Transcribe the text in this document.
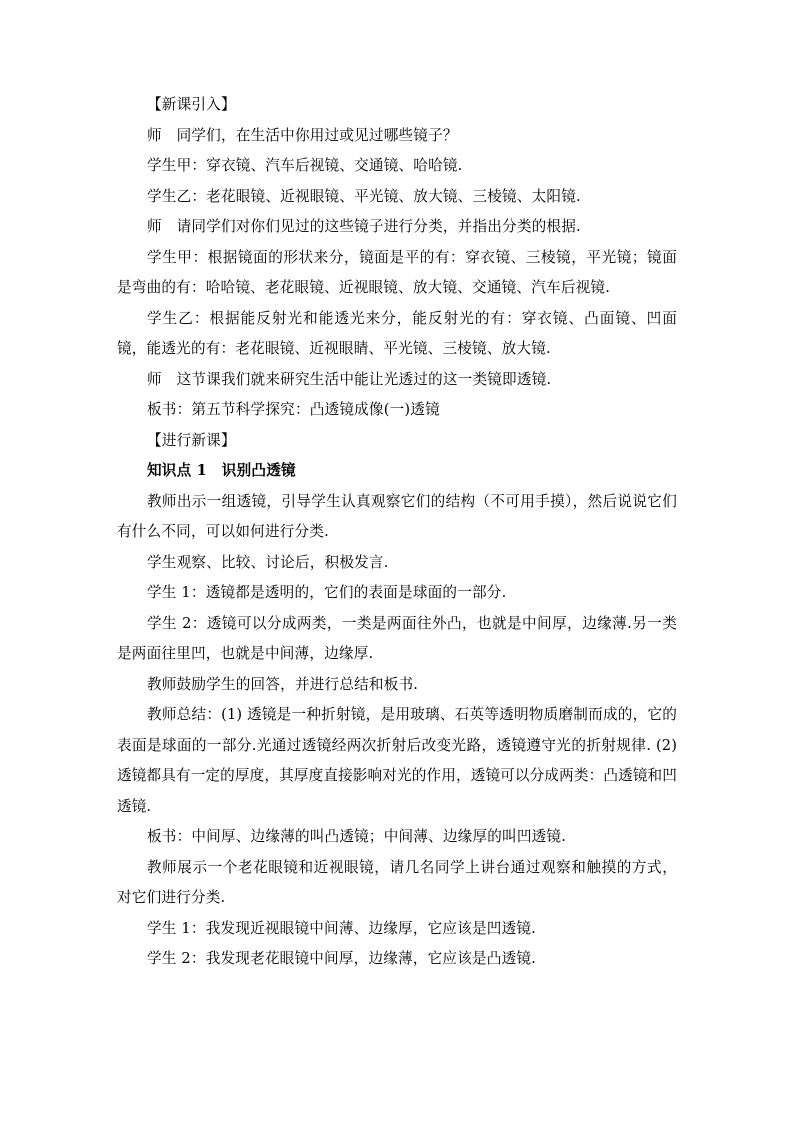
【新课引入】

师　同学们，在生活中你用过或见过哪些镜子？

学生甲：穿衣镜、汽车后视镜、交通镜、哈哈镜.

学生乙：老花眼镜、近视眼镜、平光镜、放大镜、三棱镜、太阳镜.

师　请同学们对你们见过的这些镜子进行分类，并指出分类的根据.

学生甲：根据镜面的形状来分，镜面是平的有：穿衣镜、三棱镜，平光镜；镜面是弯曲的有：哈哈镜、老花眼镜、近视眼镜、放大镜、交通镜、汽车后视镜.

学生乙：根据能反射光和能透光来分，能反射光的有：穿衣镜、凸面镜、凹面镜，能透光的有：老花眼镜、近视眼睛、平光镜、三棱镜、放大镜.

师　这节课我们就来研究生活中能让光透过的这一类镜即透镜.

板书：第五节科学探究：凸透镜成像(一)透镜

【进行新课】

知识点 1　识别凸透镜

教师出示一组透镜，引导学生认真观察它们的结构（不可用手摸），然后说说它们有什么不同，可以如何进行分类.

学生观察、比较、讨论后，积极发言.

学生 1：透镜都是透明的，它们的表面是球面的一部分.

学生 2：透镜可以分成两类，一类是两面往外凸，也就是中间厚，边缘薄.另一类是两面往里凹，也就是中间薄，边缘厚.

教师鼓励学生的回答，并进行总结和板书.

教师总结：(1) 透镜是一种折射镜，是用玻璃、石英等透明物质磨制而成的，它的表面是球面的一部分.光通过透镜经两次折射后改变光路，透镜遵守光的折射规律. (2) 透镜都具有一定的厚度，其厚度直接影响对光的作用，透镜可以分成两类：凸透镜和凹透镜.

板书：中间厚、边缘薄的叫凸透镜；中间薄、边缘厚的叫凹透镜.

教师展示一个老花眼镜和近视眼镜，请几名同学上讲台通过观察和触摸的方式，对它们进行分类.

学生 1：我发现近视眼镜中间薄、边缘厚，它应该是凹透镜.

学生 2：我发现老花眼镜中间厚，边缘薄，它应该是凸透镜.
